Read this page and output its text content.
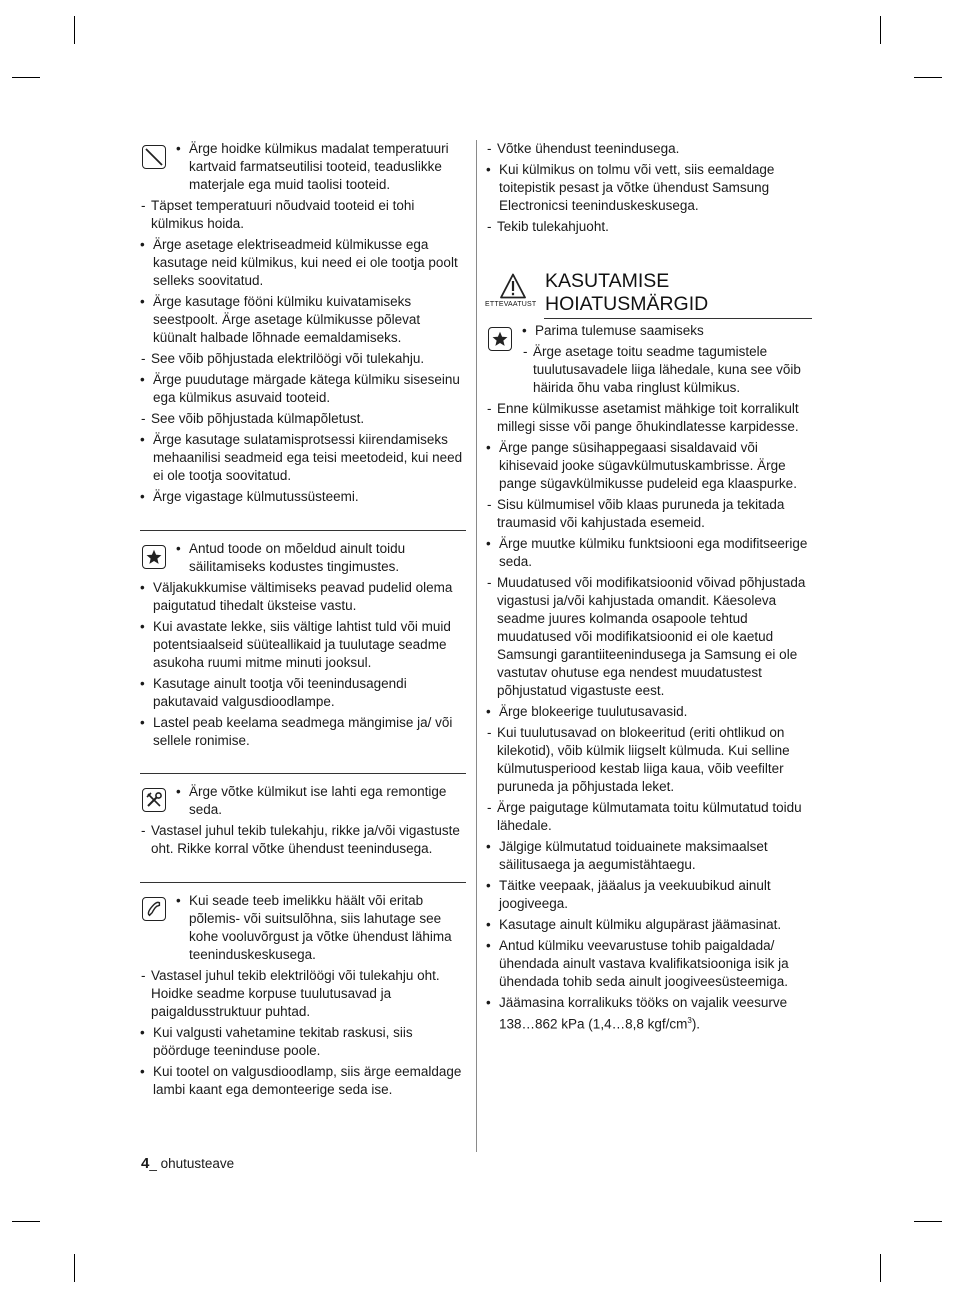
• Ärge hoidke külmikus madalat temperatuuri kartvaid farmatseutilisi tooteid, teaduslikke materjale ega muid taolisi tooteid.
- Täpset temperatuuri nõudvaid tooteid ei tohi külmikus hoida.
• Ärge asetage elektriseadmeid külmikusse ega kasutage neid külmikus, kui need ei ole tootja poolt selleks soovitatud.
• Ärge kasutage fööni külmiku kuivatamiseks seestpoolt. Ärge asetage külmikusse põlevat küünalt halbade lõhnade eemaldamiseks.
- See võib põhjustada elektrilöögi või tulekahju.
• Ärge puudutage märgade kätega külmiku siseseinu ega külmikus asuvaid tooteid.
- See võib põhjustada külmapõletust.
• Ärge kasutage sulatamisprotsessi kiirendamiseks mehaanilisi seadmeid ega teisi meetodeid, kui need ei ole tootja soovitatud.
• Ärge vigastage külmutussüsteemi.
• Antud toode on mõeldud ainult toidu säilitamiseks kodustes tingimustes.
• Väljakukkumise vältimiseks peavad pudelid olema paigutatud tihedalt üksteise vastu.
• Kui avastate lekke, siis vältige lahtist tuld või muid potentsiaalseid süüteallikaid ja tuulutage seadme asukoha ruumi mitme minuti jooksul.
• Kasutage ainult tootja või teenindusagendi pakutavaid valgusdioodlampe.
• Lastel peab keelama seadmega mängimise ja/ või sellele ronimise.
• Ärge võtke külmikut ise lahti ega remontige seda.
- Vastasel juhul tekib tulekahju, rikke ja/või vigastuste oht. Rikke korral võtke ühendust teenindusega.
• Kui seade teeb imelikku häält või eritab põlemis- või suitsulõhna, siis lahutage see kohe vooluvõrgust ja võtke ühendust lähima teeninduskeskusega.
- Vastasel juhul tekib elektrilöögi või tulekahju oht. Hoidke seadme korpuse tuulutusavad ja paigaldusstruktuur puhtad.
• Kui valgusti vahetamine tekitab raskusi, siis pöörduge teeninduse poole.
• Kui tootel on valgusdioodlamp, siis ärge eemaldage lambi kaant ega demonteerige seda ise.
- Võtke ühendust teenindusega.
• Kui külmikus on tolmu või vett, siis eemaldage toitepistik pesast ja võtke ühendust Samsung Electronicsi teeninduskeskusega.
- Tekib tulekahjuoht.
ETTEVAATUST
KASUTAMISE
HOIATUSMÄRGID
• Parima tulemuse saamiseks
- Ärge asetage toitu seadme tagumistele tuulutusavadele liiga lähedale, kuna see võib häirida õhu vaba ringlust külmikus.
- Enne külmikusse asetamist mähkige toit korralikult millegi sisse või pange õhukindlatesse karpidesse.
• Ärge pange süsihappegaasi sisaldavaid või kihisevaid jooke sügavkülmutuskambrisse. Ärge pange sügavkülmikusse pudeleid ega klaaspurke.
- Sisu külmumisel võib klaas puruneda ja tekitada traumasid või kahjustada esemeid.
• Ärge muutke külmiku funktsiooni ega modifitseerige seda.
- Muudatused või modifikatsioonid võivad põhjustada vigastusi ja/või kahjustada omandit. Käesoleva seadme juures kolmanda osapoole tehtud muudatused või modifikatsioonid ei ole kaetud Samsungi garantiiteenindusega ja Samsung ei ole vastutav ohutuse ega nendest muudatustest põhjustatud vigastuste eest.
• Ärge blokeerige tuulutusavasid.
- Kui tuulutusavad on blokeeritud (eriti ohtlikud on kilekotid), võib külmik liigselt külmuda. Kui selline külmutusperiood kestab liiga kaua, võib veefilter puruneda ja põhjustada leket.
- Ärge paigutage külmutamata toitu külmutatud toidu lähedale.
• Jälgige külmutatud toiduainete maksimaalset säilitusaega ja aegumistähtaegu.
• Täitke veepaak, jääalus ja veekuubikud ainult joogiveega.
• Kasutage ainult külmiku algupärast jäämasinat.
• Antud külmiku veevarustuse tohib paigaldada/ ühendada ainult vastava kvalifikatsiooniga isik ja ühendada tohib seda ainult joogiveesüsteemiga.
• Jäämasina korralikuks tööks on vajalik veesurve 138…862 kPa (1,4…8,8 kgf/$cm^3$).
4_ ohutusteave
